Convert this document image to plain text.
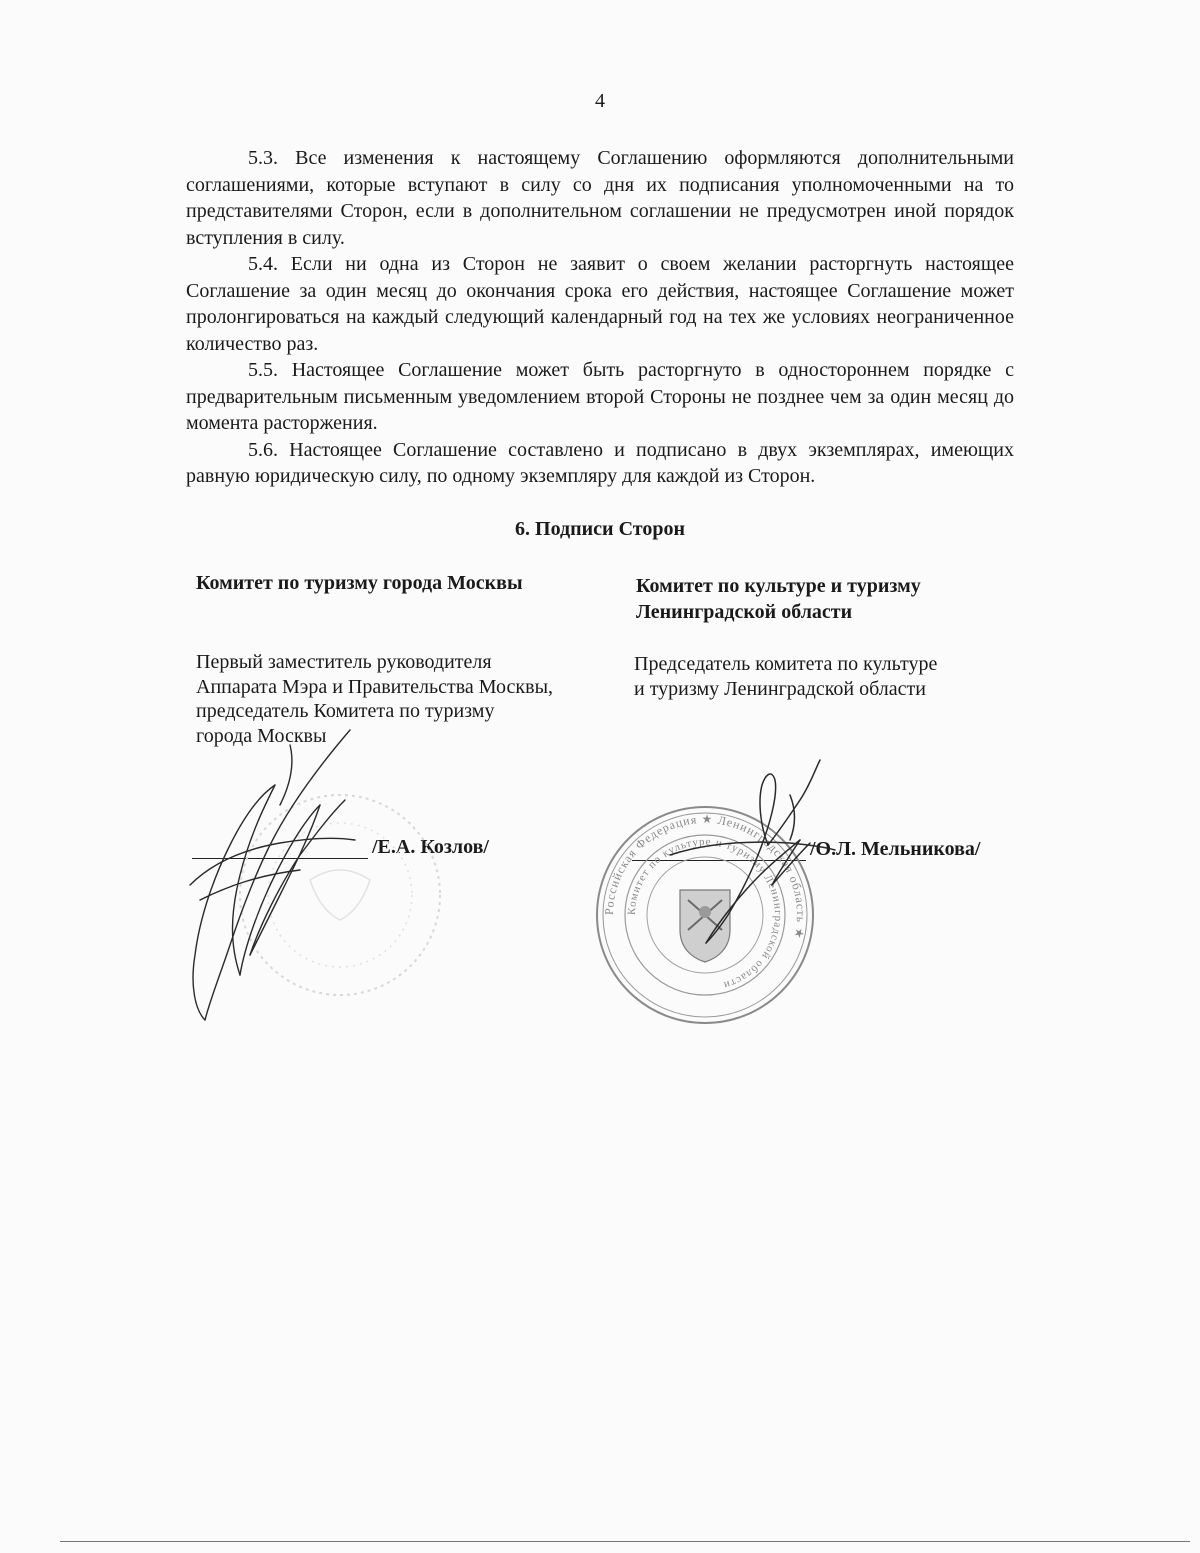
4

5.3. Все изменения к настоящему Соглашению оформляются дополнительными соглашениями, которые вступают в силу со дня их подписания уполномоченными на то представителями Сторон, если в дополнительном соглашении не предусмотрен иной порядок вступления в силу.

5.4. Если ни одна из Сторон не заявит о своем желании расторгнуть настоящее Соглашение за один месяц до окончания срока его действия, настоящее Соглашение может пролонгироваться на каждый следующий календарный год на тех же условиях неограниченное количество раз.

5.5. Настоящее Соглашение может быть расторгнуто в одностороннем порядке с предварительным письменным уведомлением второй Стороны не позднее чем за один месяц до момента расторжения.

5.6. Настоящее Соглашение составлено и подписано в двух экземплярах, имеющих равную юридическую силу, по одному экземпляру для каждой из Сторон.

6. Подписи Сторон
Комитет по туризму города Москвы
Первый заместитель руководителя
Аппарата Мэра и Правительства Москвы,
председатель Комитета по туризму
города Москвы
/Е.А. Козлов/
Комитет по культуре и туризму
Ленинградской области
Председатель комитета по культуре
и туризму Ленинградской области
/О.Л. Мельникова/
Российская Федерация ★ Ленинградская область ★
Комитет по культуре и туризму Ленинградской области
